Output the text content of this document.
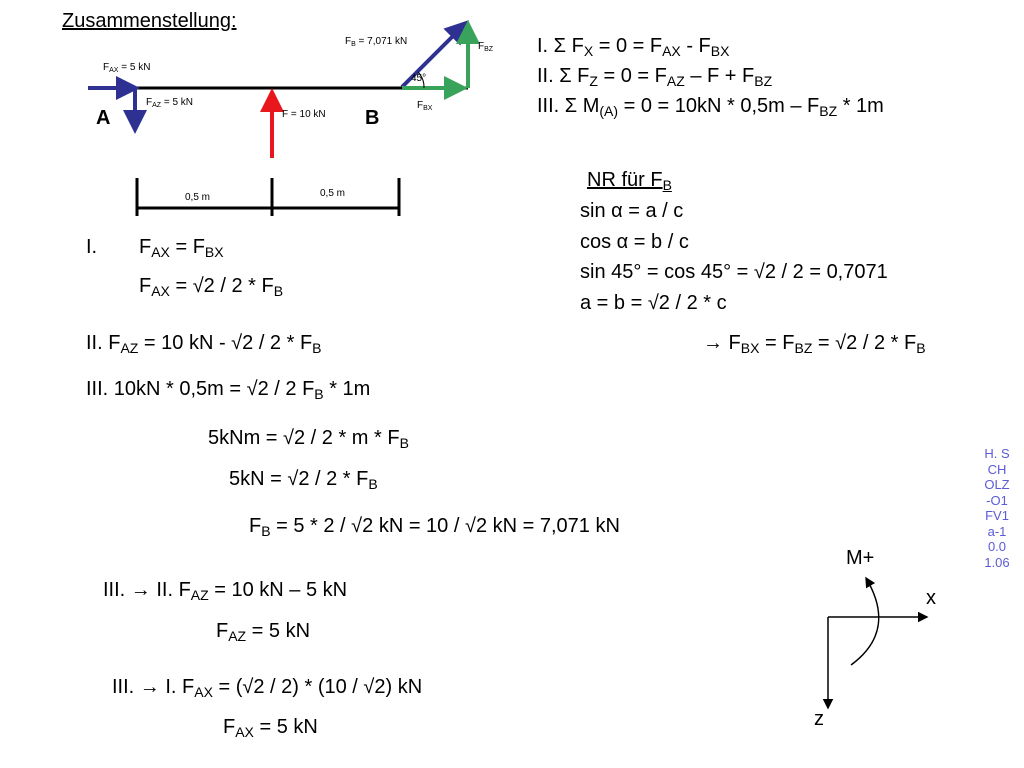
Zusammenstellung:
A	B
$F_{AX} = 5$ kN
$F_{AZ} = 5$ kN
F = 10 kN
$F_B = 7,071$ kN	$F_{BZ}$
$F_{BX}$
45°
0,5 m	0,5 m
I. Σ $F_X = 0 = F_{AX} - F_{BX}$
II. Σ $F_Z = 0 = F_{AZ} - F + F_{BZ}$
III. Σ $M_{(A)} = 0 = 10kN * 0,5m - F_{BZ} * 1m$
NR für $F_B$
sin α = a / c
cos α = b / c
sin 45° = cos 45° = √2 / 2 = 0,7071
a = b = √2 / 2 * c
→ $F_{BX} = F_{BZ} = √2 / 2 * F_B$
I. $F_{AX} = F_{BX}$
$F_{AX} = √2 / 2 * F_B$
II. $F_{AZ} = 10$ kN - $√2 / 2 * F_B$
III. 10kN * 0,5m = √2 / 2 $F_B * 1m$
$5kNm = √2 / 2 * m * F_B$
$5kN = √2 / 2 * F_B$
$F_B = 5 * 2 / √2$ kN = 10 / √2 kN = 7,071 kN
III. → II. $F_{AZ} = 10$ kN – 5 kN
$F_{AZ} = 5$ kN
III. → I. $F_{AX} = (√2 / 2) * (10 / √2)$ kN
$F_{AX} = 5$ kN
M+
x
z
H. SCHOLZ-O1FV1a-10.01.06
